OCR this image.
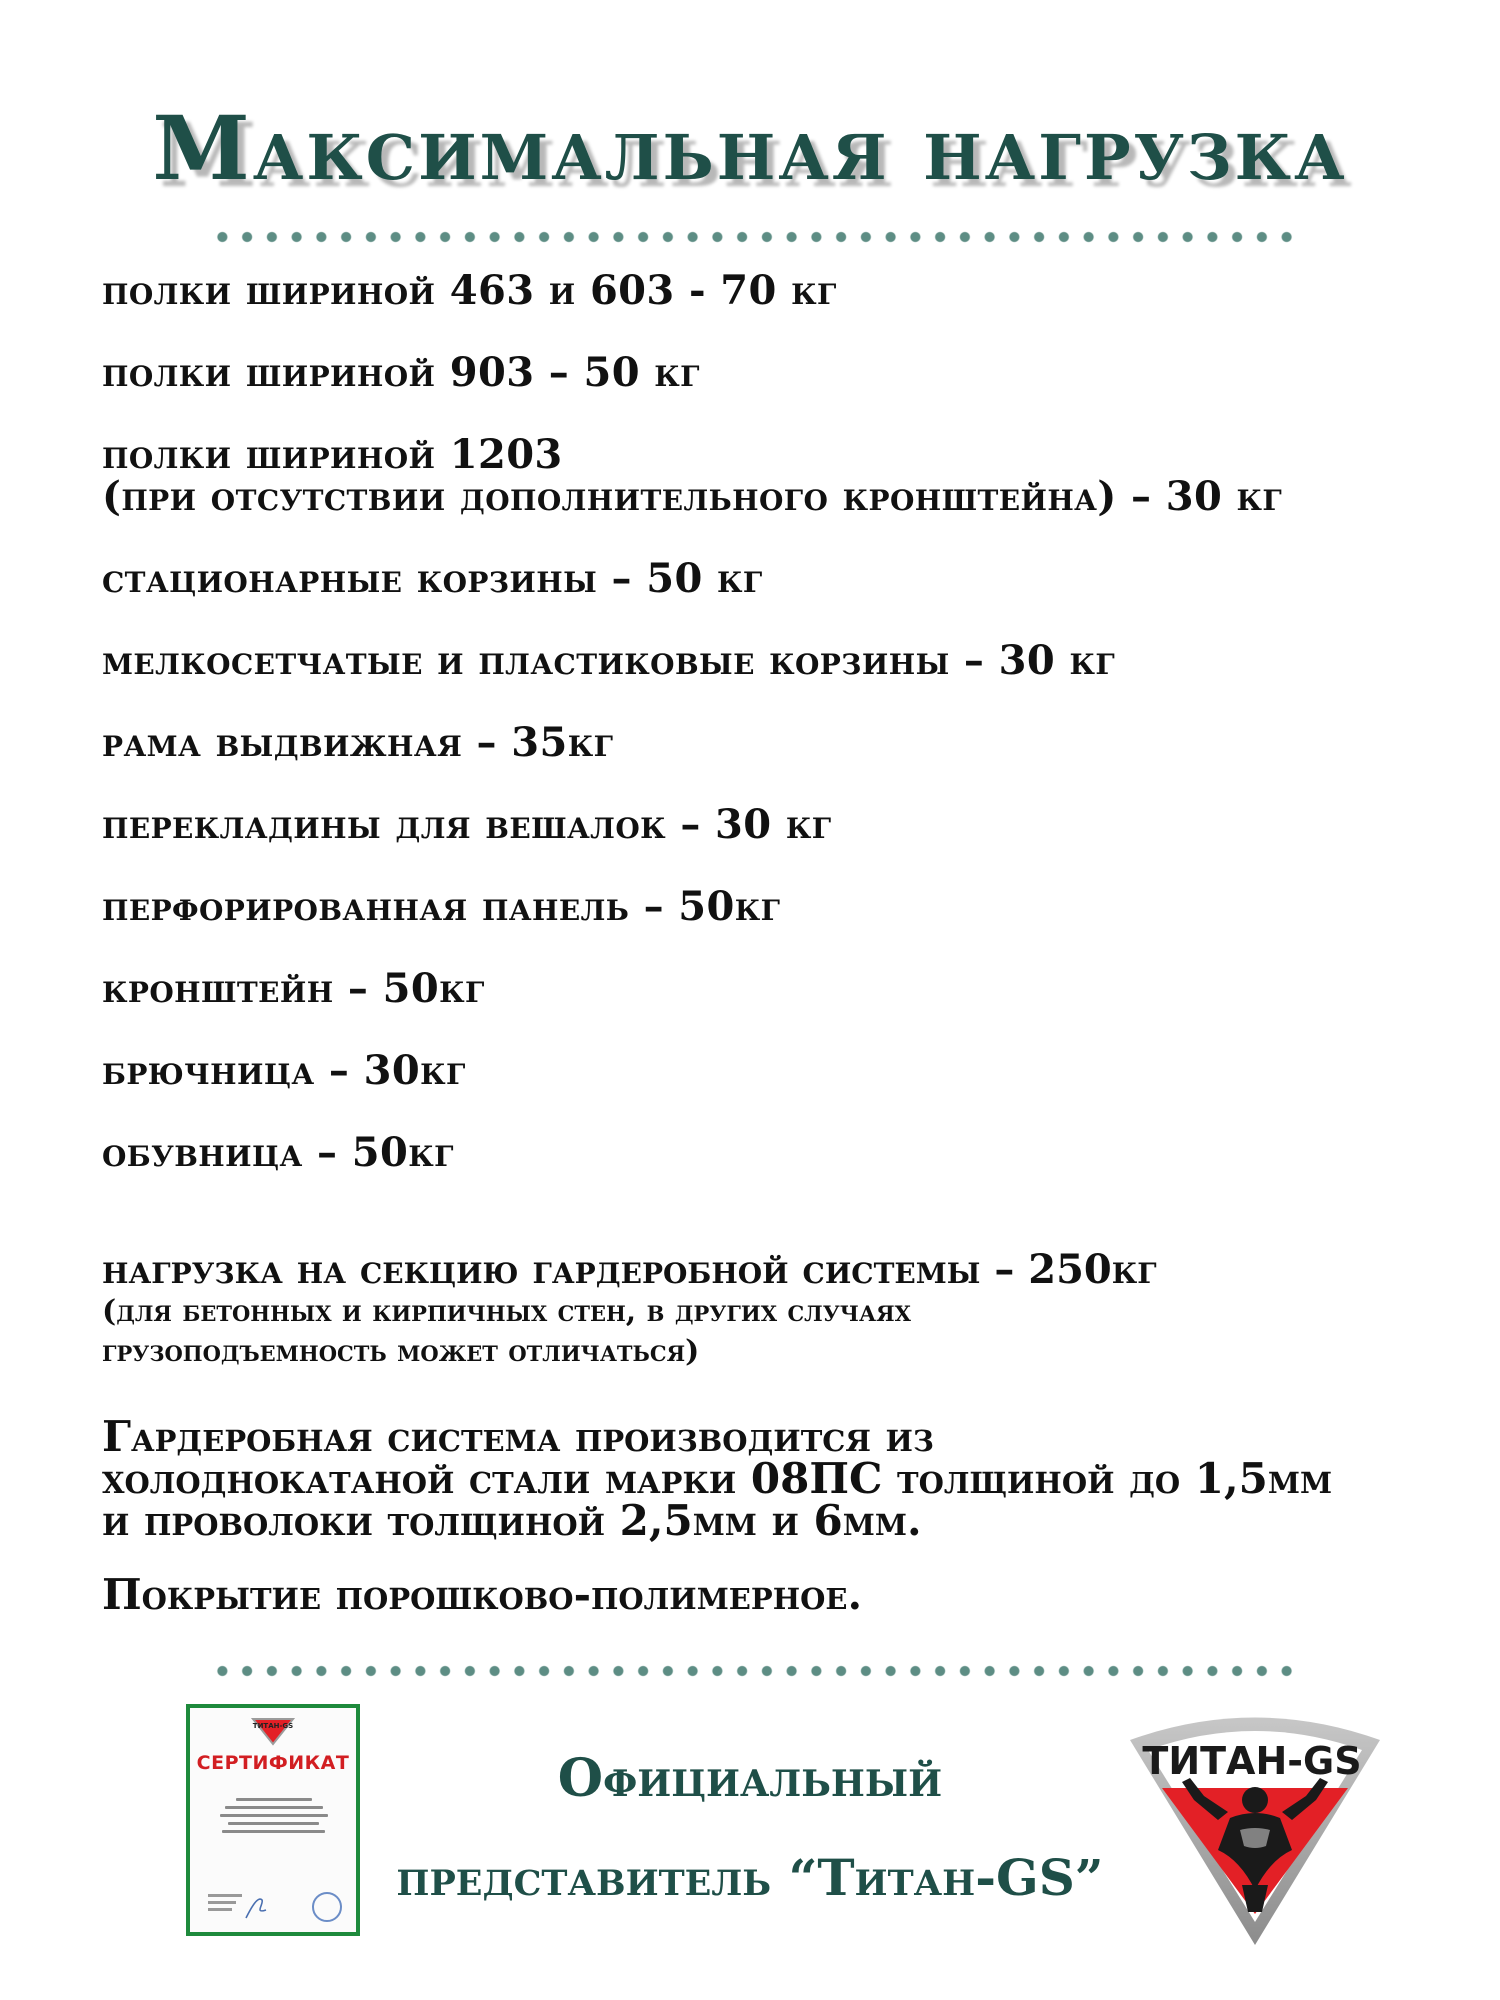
Максимальная нагрузка
полки шириной 463 и 603 - 70 кг
полки шириной 903 – 50 кг
полки шириной 1203
(при отсутствии дополнительного кронштейна) – 30 кг
стационарные корзины – 50 кг
мелкосетчатые и пластиковые корзины – 30 кг
рама выдвижная – 35кг
перекладины для вешалок – 30 кг
перфорированная панель – 50кг
кронштейн – 50кг
брючница – 30кг
обувница – 50кг
нагрузка на секцию гардеробной системы – 250кг
(для бетонных и кирпичных стен, в других случаях
грузоподъемность может отличаться)
Гардеробная система производится из
холоднокатаной стали марки 08ПС толщиной до 1,5мм
и проволоки толщиной 2,5мм и 6мм.
Покрытие порошково-полимерное.
ТИТАН-GS
СЕРТИФИКАТ	Официальный
представитель “Титан-GS”
ТИТАН-GS
